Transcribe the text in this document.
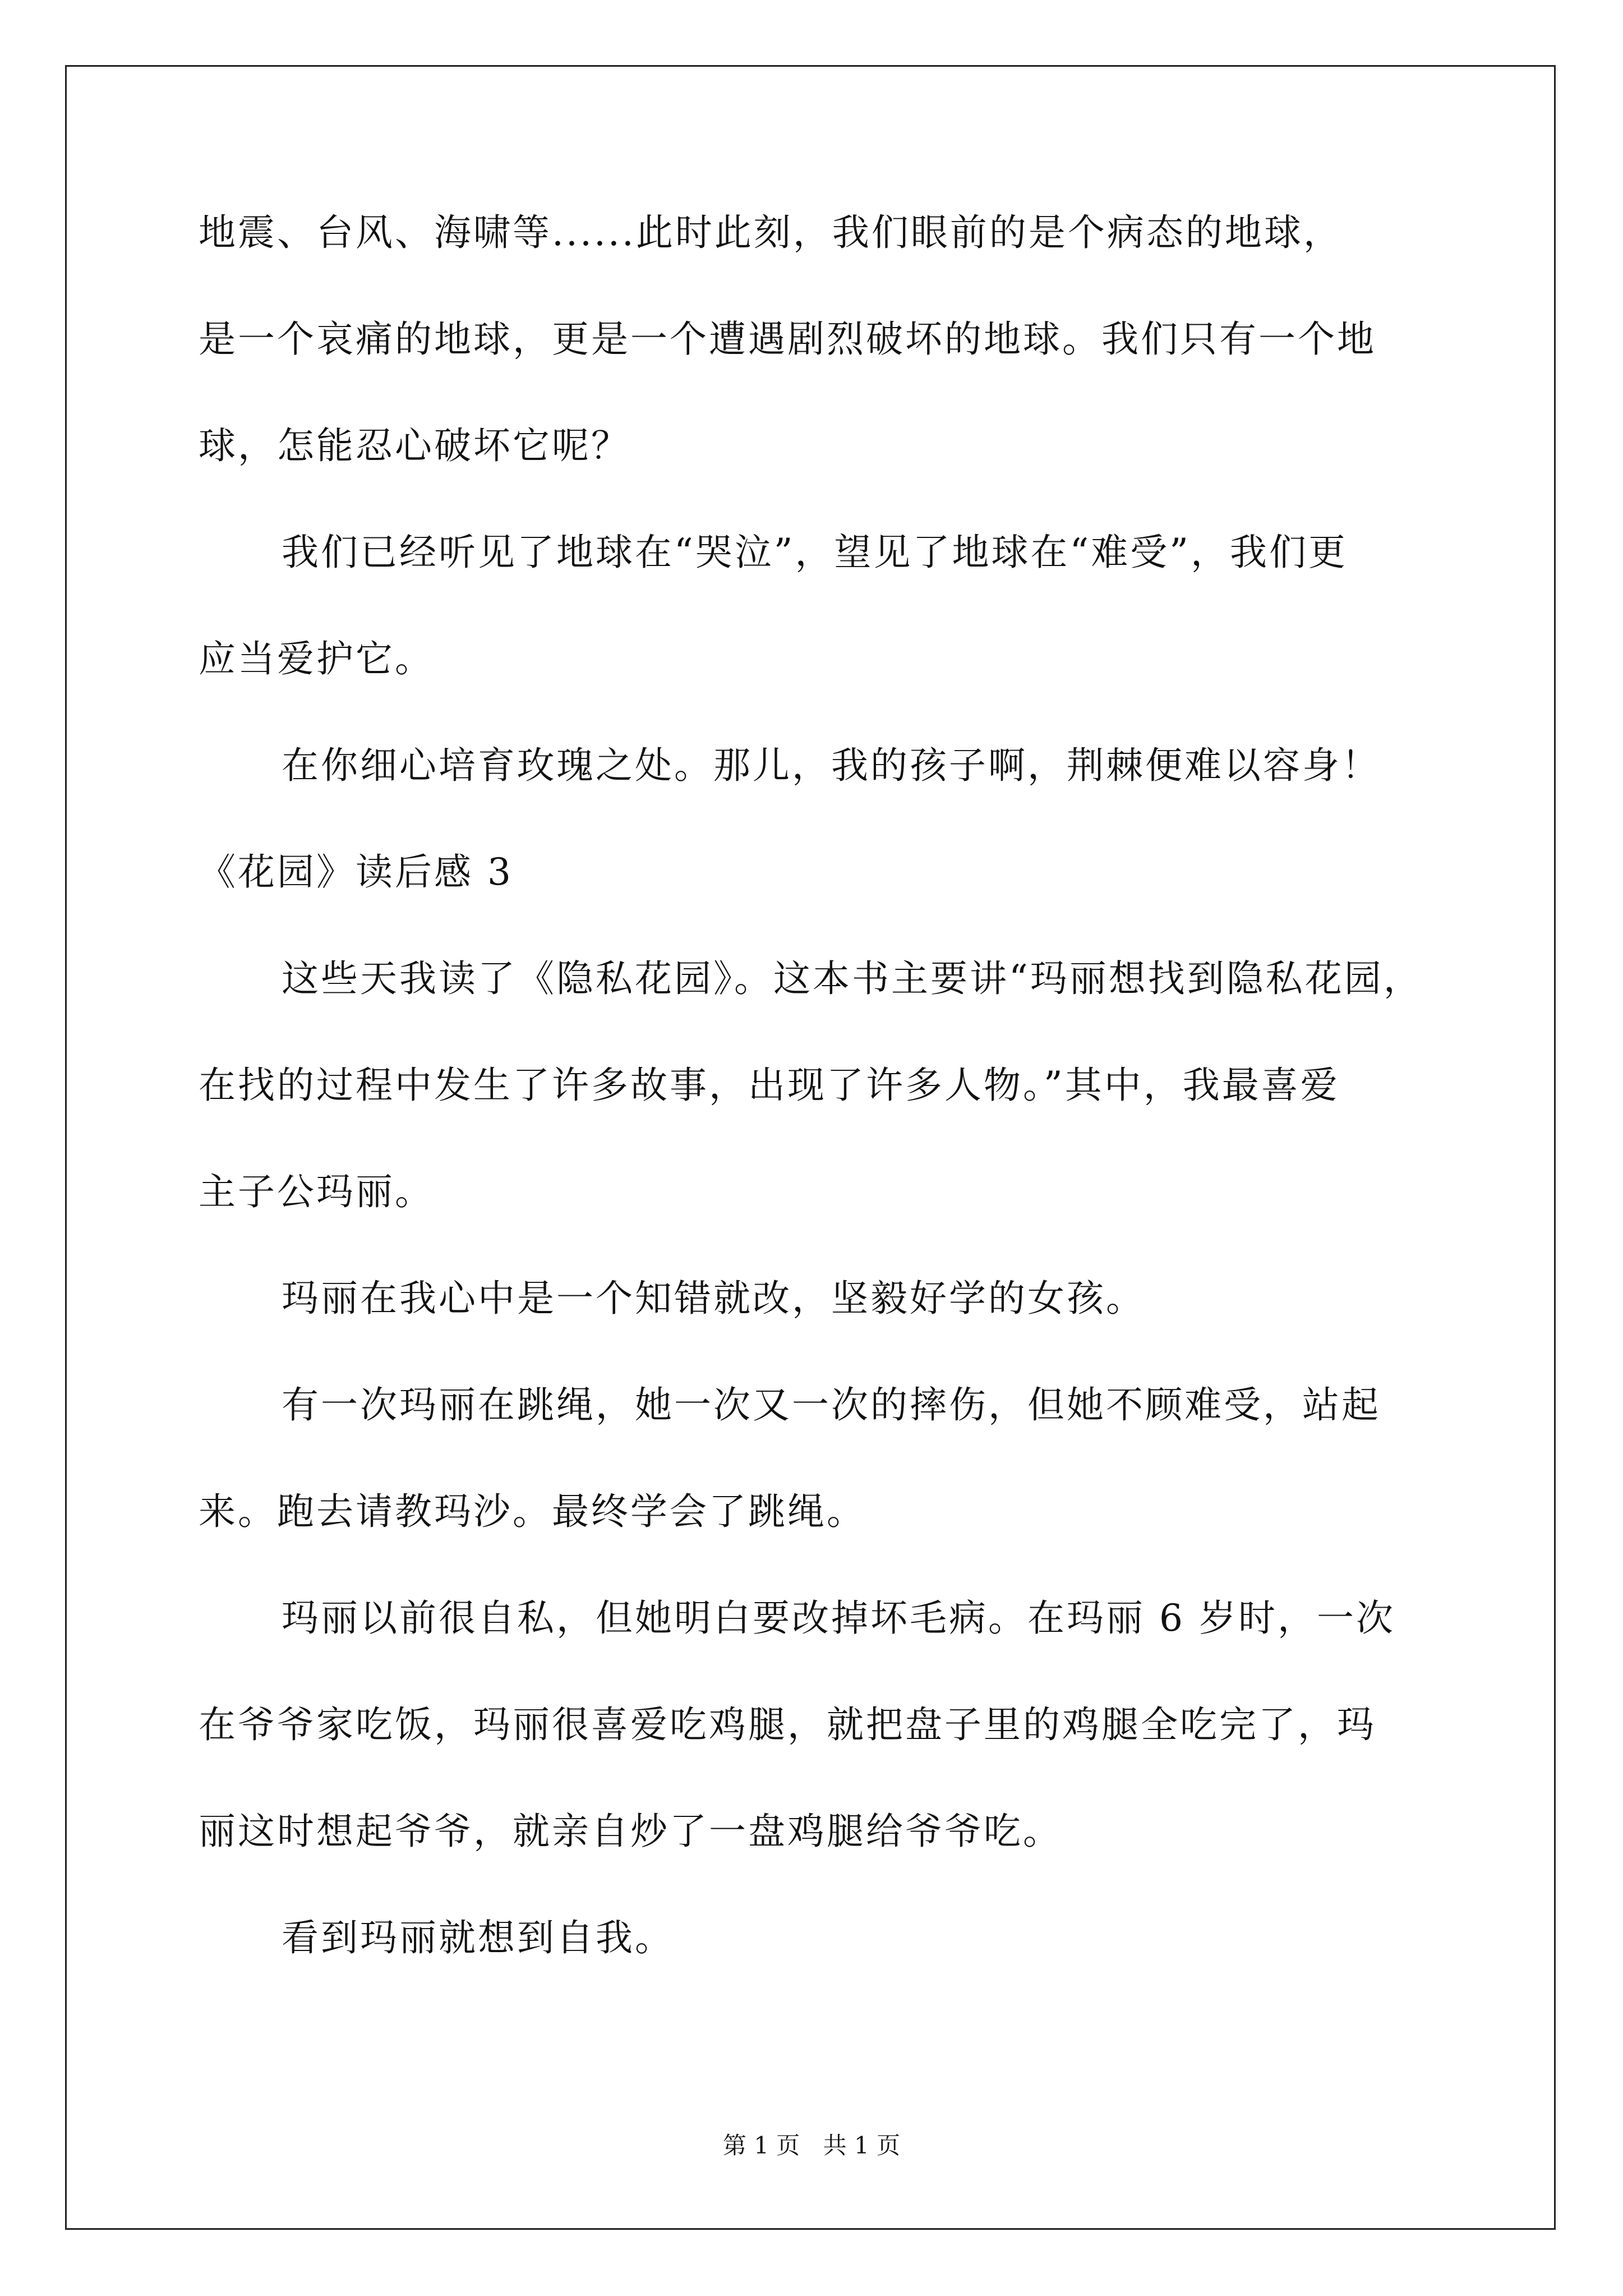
地震、台风、海啸等......此时此刻，我们眼前的是个病态的地球，
是一个哀痛的地球，更是一个遭遇剧烈破坏的地球。我们只有一个地
球，怎能忍心破坏它呢？
我们已经听见了地球在“哭泣”，望见了地球在“难受”，我们更
应当爱护它。
在你细心培育玫瑰之处。那儿，我的孩子啊，荆棘便难以容身！
《花园》读后感 3
这些天我读了《隐私花园》。这本书主要讲“玛丽想找到隐私花园，
在找的过程中发生了许多故事，出现了许多人物。”其中，我最喜爱
主子公玛丽。
玛丽在我心中是一个知错就改，坚毅好学的女孩。
有一次玛丽在跳绳，她一次又一次的摔伤，但她不顾难受，站起
来。跑去请教玛沙。最终学会了跳绳。
玛丽以前很自私，但她明白要改掉坏毛病。在玛丽 6 岁时，一次
在爷爷家吃饭，玛丽很喜爱吃鸡腿，就把盘子里的鸡腿全吃完了，玛
丽这时想起爷爷，就亲自炒了一盘鸡腿给爷爷吃。
看到玛丽就想到自我。
第 1 页 共 1 页
